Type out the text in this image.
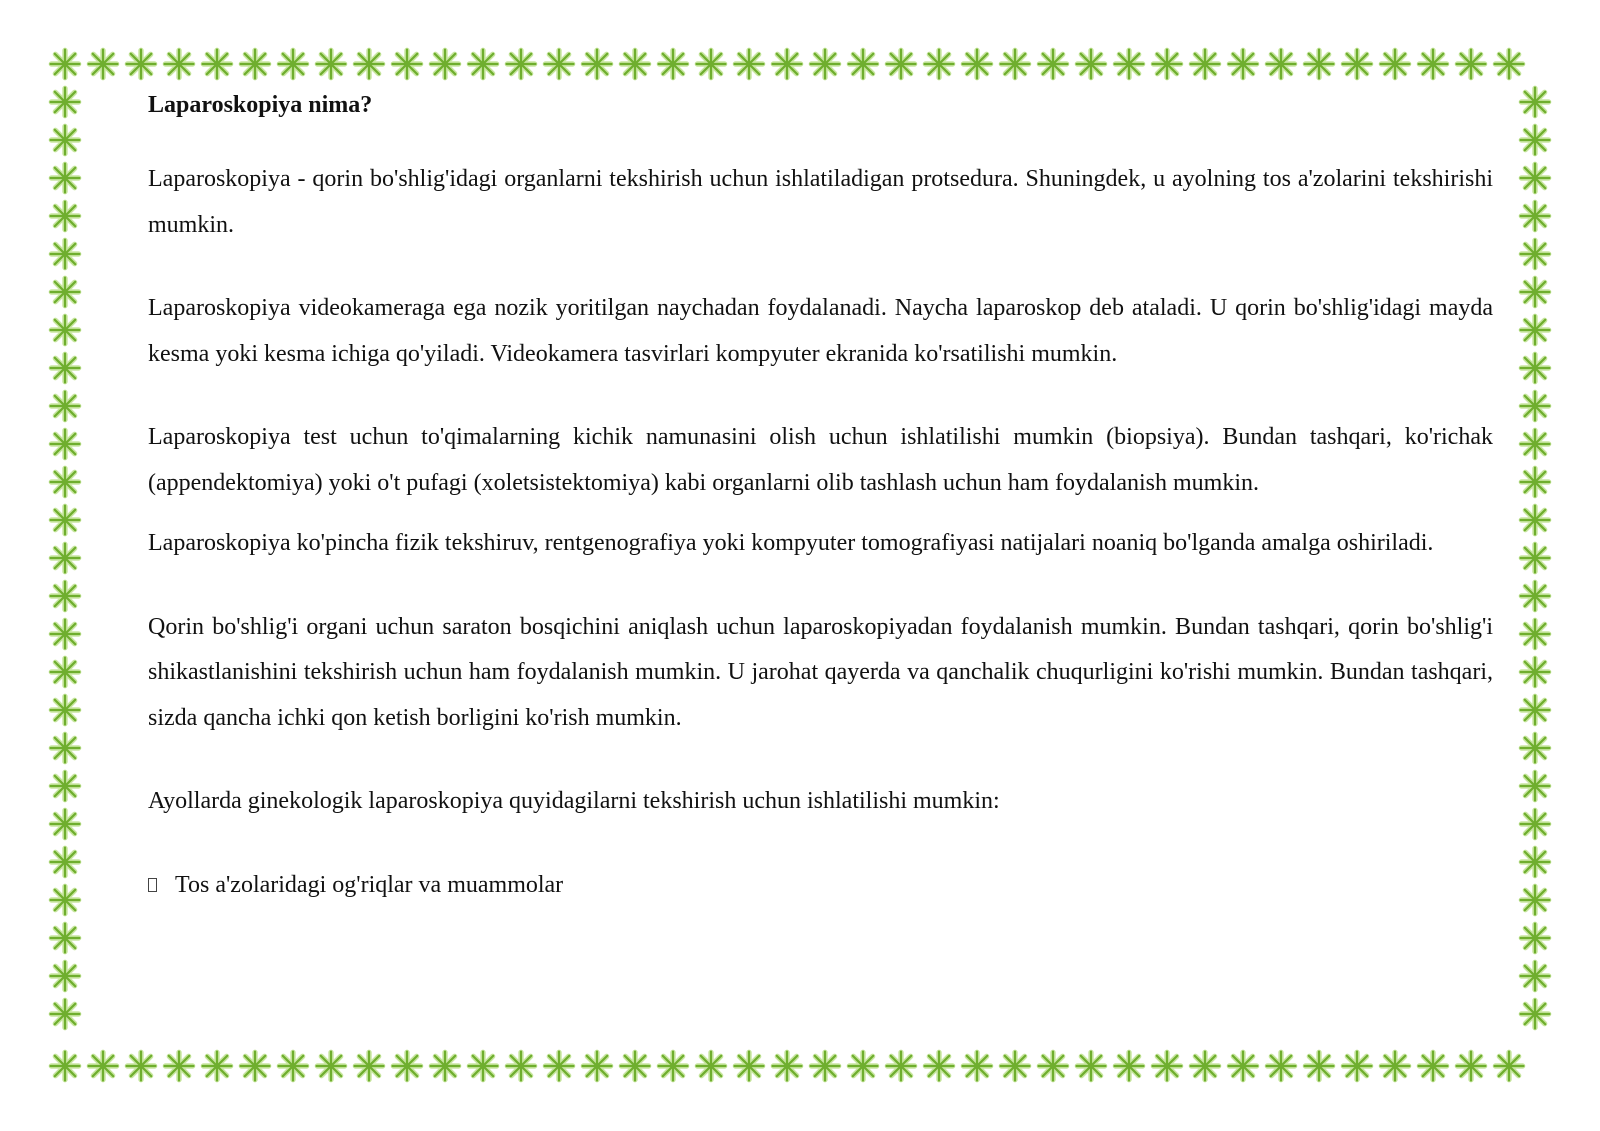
Laparoskopiya nima?

Laparoskopiya - qorin bo'shlig'idagi organlarni tekshirish uchun ishlatiladigan protsedura. Shuningdek, u ayolning tos a'zolarini tekshirishi mumkin.

Laparoskopiya videokameraga ega nozik yoritilgan naychadan foydalanadi. Naycha laparoskop deb ataladi. U qorin bo'shlig'idagi mayda kesma yoki kesma ichiga qo'yiladi. Videokamera tasvirlari kompyuter ekranida ko'rsatilishi mumkin.

Laparoskopiya test uchun to'qimalarning kichik namunasini olish uchun ishlatilishi mumkin (biopsiya). Bundan tashqari, ko'richak (appendektomiya) yoki o't pufagi (xoletsistektomiya) kabi organlarni olib tashlash uchun ham foydalanish mumkin.

Laparoskopiya ko'pincha fizik tekshiruv, rentgenografiya yoki kompyuter tomografiyasi natijalari noaniq bo'lganda amalga oshiriladi.

Qorin bo'shlig'i organi uchun saraton bosqichini aniqlash uchun laparoskopiyadan foydalanish mumkin. Bundan tashqari, qorin bo'shlig'i shikastlanishini tekshirish uchun ham foydalanish mumkin. U jarohat qayerda va qanchalik chuqurligini ko'rishi mumkin. Bundan tashqari, sizda qancha ichki qon ketish borligini ko'rish mumkin.

Ayollarda ginekologik laparoskopiya quyidagilarni tekshirish uchun ishlatilishi mumkin:

Tos a'zolaridagi og'riqlar va muammolar
